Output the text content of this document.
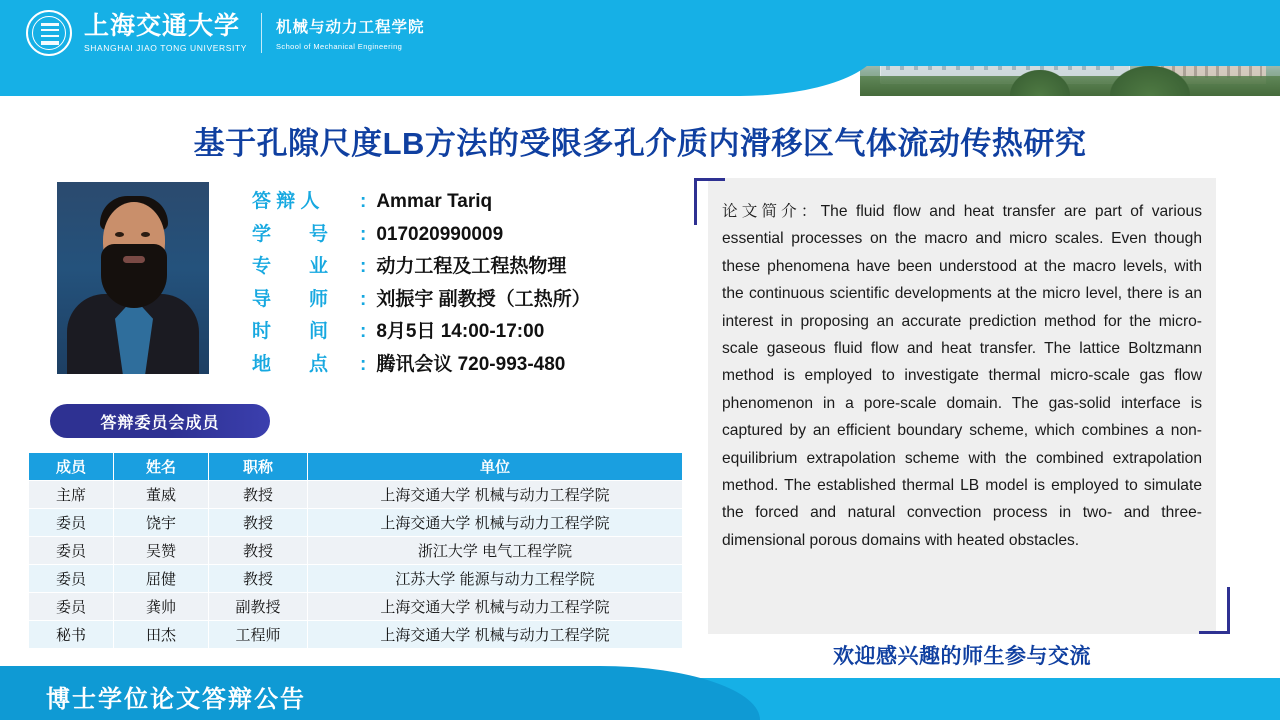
上海交通大学
SHANGHAI JIAO TONG UNIVERSITY
机械与动力工程学院
School of Mechanical Engineering
基于孔隙尺度LB方法的受限多孔介质内滑移区气体流动传热研究
答 辩 人	: Ammar Tariq
学　　号	: 017020990009
专　　业	: 动力工程及工程热物理
导　　师	: 刘振宇 副教授（工热所）
时　　间	: 8月5日 14:00-17:00
地　　点	: 腾讯会议 720-993-480
答辩委员会成员
成员	姓名	职称	单位
主席	董威	教授	上海交通大学 机械与动力工程学院
委员	饶宇	教授	上海交通大学 机械与动力工程学院
委员	吴赞	教授	浙江大学 电气工程学院
委员	屈健	教授	江苏大学 能源与动力工程学院
委员	龚帅	副教授	上海交通大学 机械与动力工程学院
秘书	田杰	工程师	上海交通大学 机械与动力工程学院
论文简介：The fluid flow and heat transfer are part of various essential processes on the macro and micro scales. Even though these phenomena have been understood at the macro levels, with the continuous scientific developments at the micro level, there is an interest in proposing an accurate prediction method for the micro-scale gaseous fluid flow and heat transfer. The lattice Boltzmann method is employed to investigate thermal micro-scale gas flow phenomenon in a pore-scale domain. The gas-solid interface is captured by an efficient boundary scheme, which combines a non-equilibrium extrapolation scheme with the combined extrapolation method. The established thermal LB model is employed to simulate the forced and natural convection process in two- and three-dimensional porous domains with heated obstacles.
欢迎感兴趣的师生参与交流
博士学位论文答辩公告
